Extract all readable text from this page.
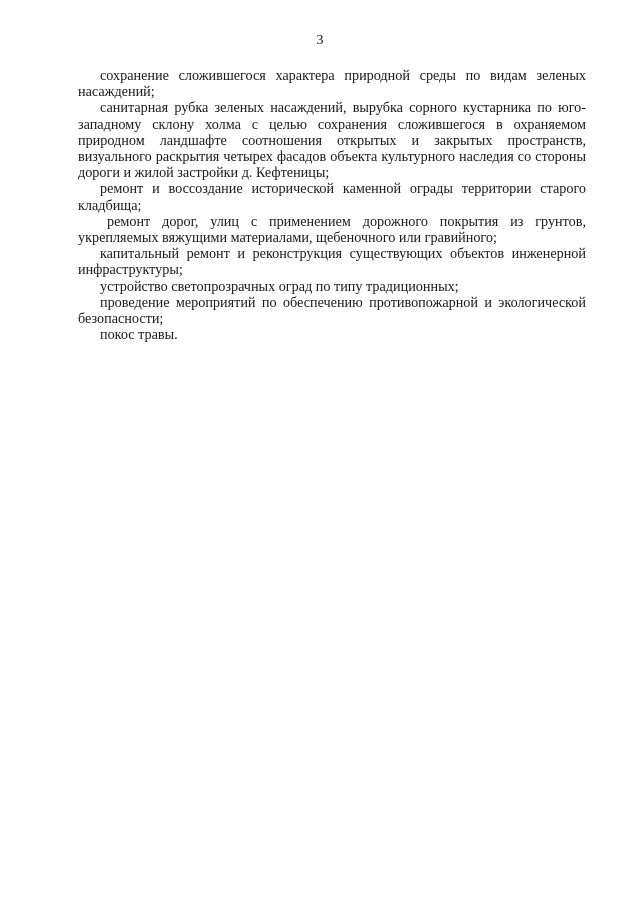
3

сохранение сложившегося характера природной среды по видам зеленых насаждений;

санитарная рубка зеленых насаждений, вырубка сорного кустарника по юго-западному склону холма с целью сохранения сложившегося в охраняемом природном ландшафте соотношения открытых и закрытых пространств, визуального раскрытия четырех фасадов объекта культурного наследия со стороны дороги и жилой застройки д. Кефтеницы;

ремонт и воссоздание исторической каменной ограды территории старого кладбища;

ремонт дорог, улиц с применением дорожного покрытия из грунтов, укрепляемых вяжущими материалами, щебеночного или гравийного;

капитальный ремонт и реконструкция существующих объектов инженерной инфраструктуры;

устройство светопрозрачных оград по типу традиционных;

проведение мероприятий по обеспечению противопожарной и экологической безопасности;

покос травы.
